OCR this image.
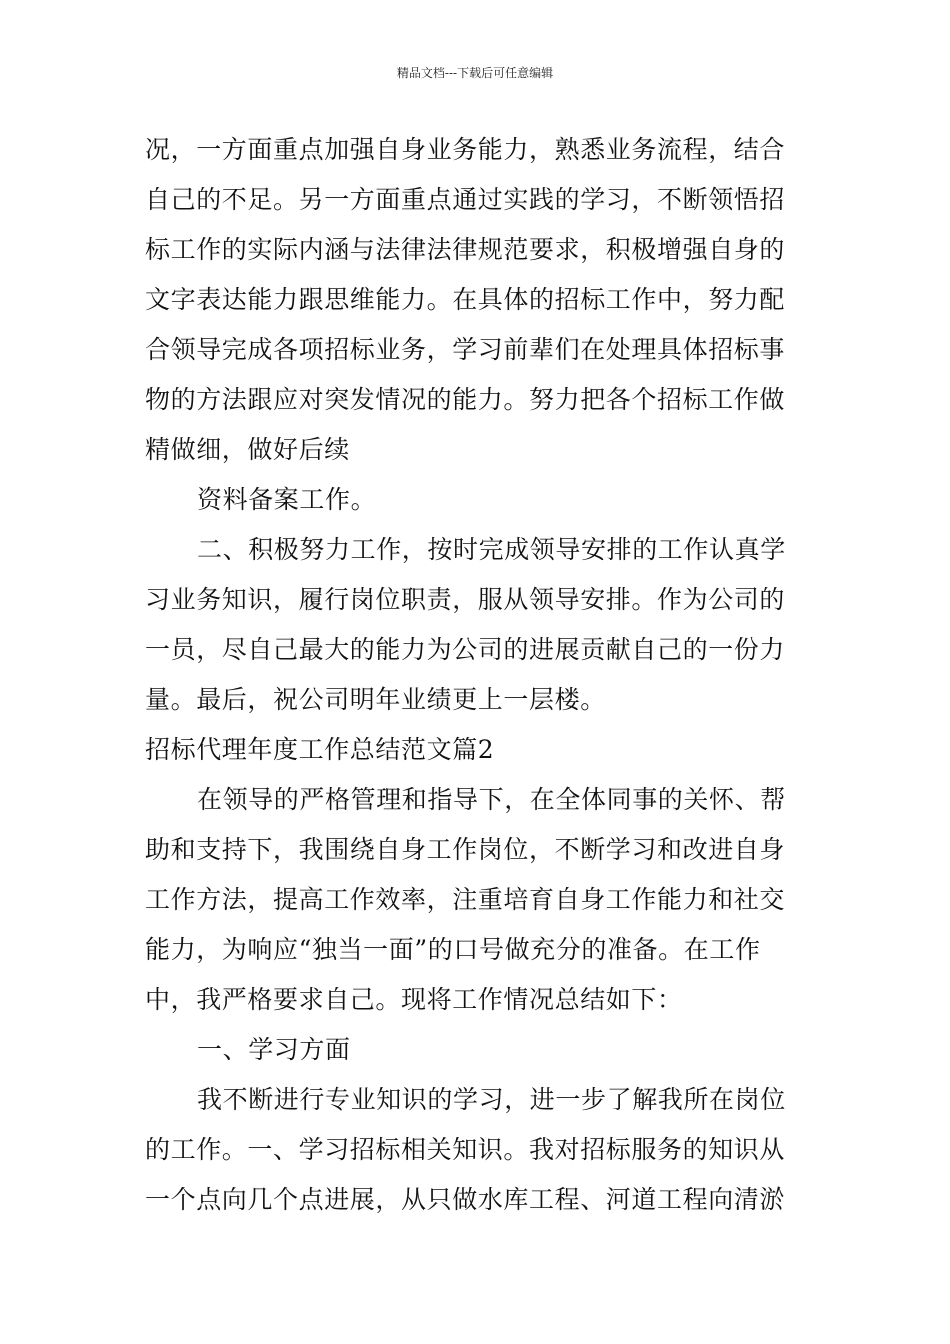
精品文档---下载后可任意编辑
况，一方面重点加强自身业务能力，熟悉业务流程，结合
自己的不足。另一方面重点通过实践的学习，不断领悟招
标工作的实际内涵与法律法律规范要求，积极增强自身的
文字表达能力跟思维能力。在具体的招标工作中，努力配
合领导完成各项招标业务，学习前辈们在处理具体招标事
物的方法跟应对突发情况的能力。努力把各个招标工作做
精做细，做好后续
资料备案工作。
二、积极努力工作，按时完成领导安排的工作认真学
习业务知识，履行岗位职责，服从领导安排。作为公司的
一员，尽自己最大的能力为公司的进展贡献自己的一份力
量。最后，祝公司明年业绩更上一层楼。
招标代理年度工作总结范文篇2
在领导的严格管理和指导下，在全体同事的关怀、帮
助和支持下，我围绕自身工作岗位，不断学习和改进自身
工作方法，提高工作效率，注重培育自身工作能力和社交
能力，为响应“独当一面”的口号做充分的准备。在工作
中，我严格要求自己。现将工作情况总结如下：
一、学习方面
我不断进行专业知识的学习，进一步了解我所在岗位
的工作。一、学习招标相关知识。我对招标服务的知识从
一个点向几个点进展，从只做水库工程、河道工程向清淤
